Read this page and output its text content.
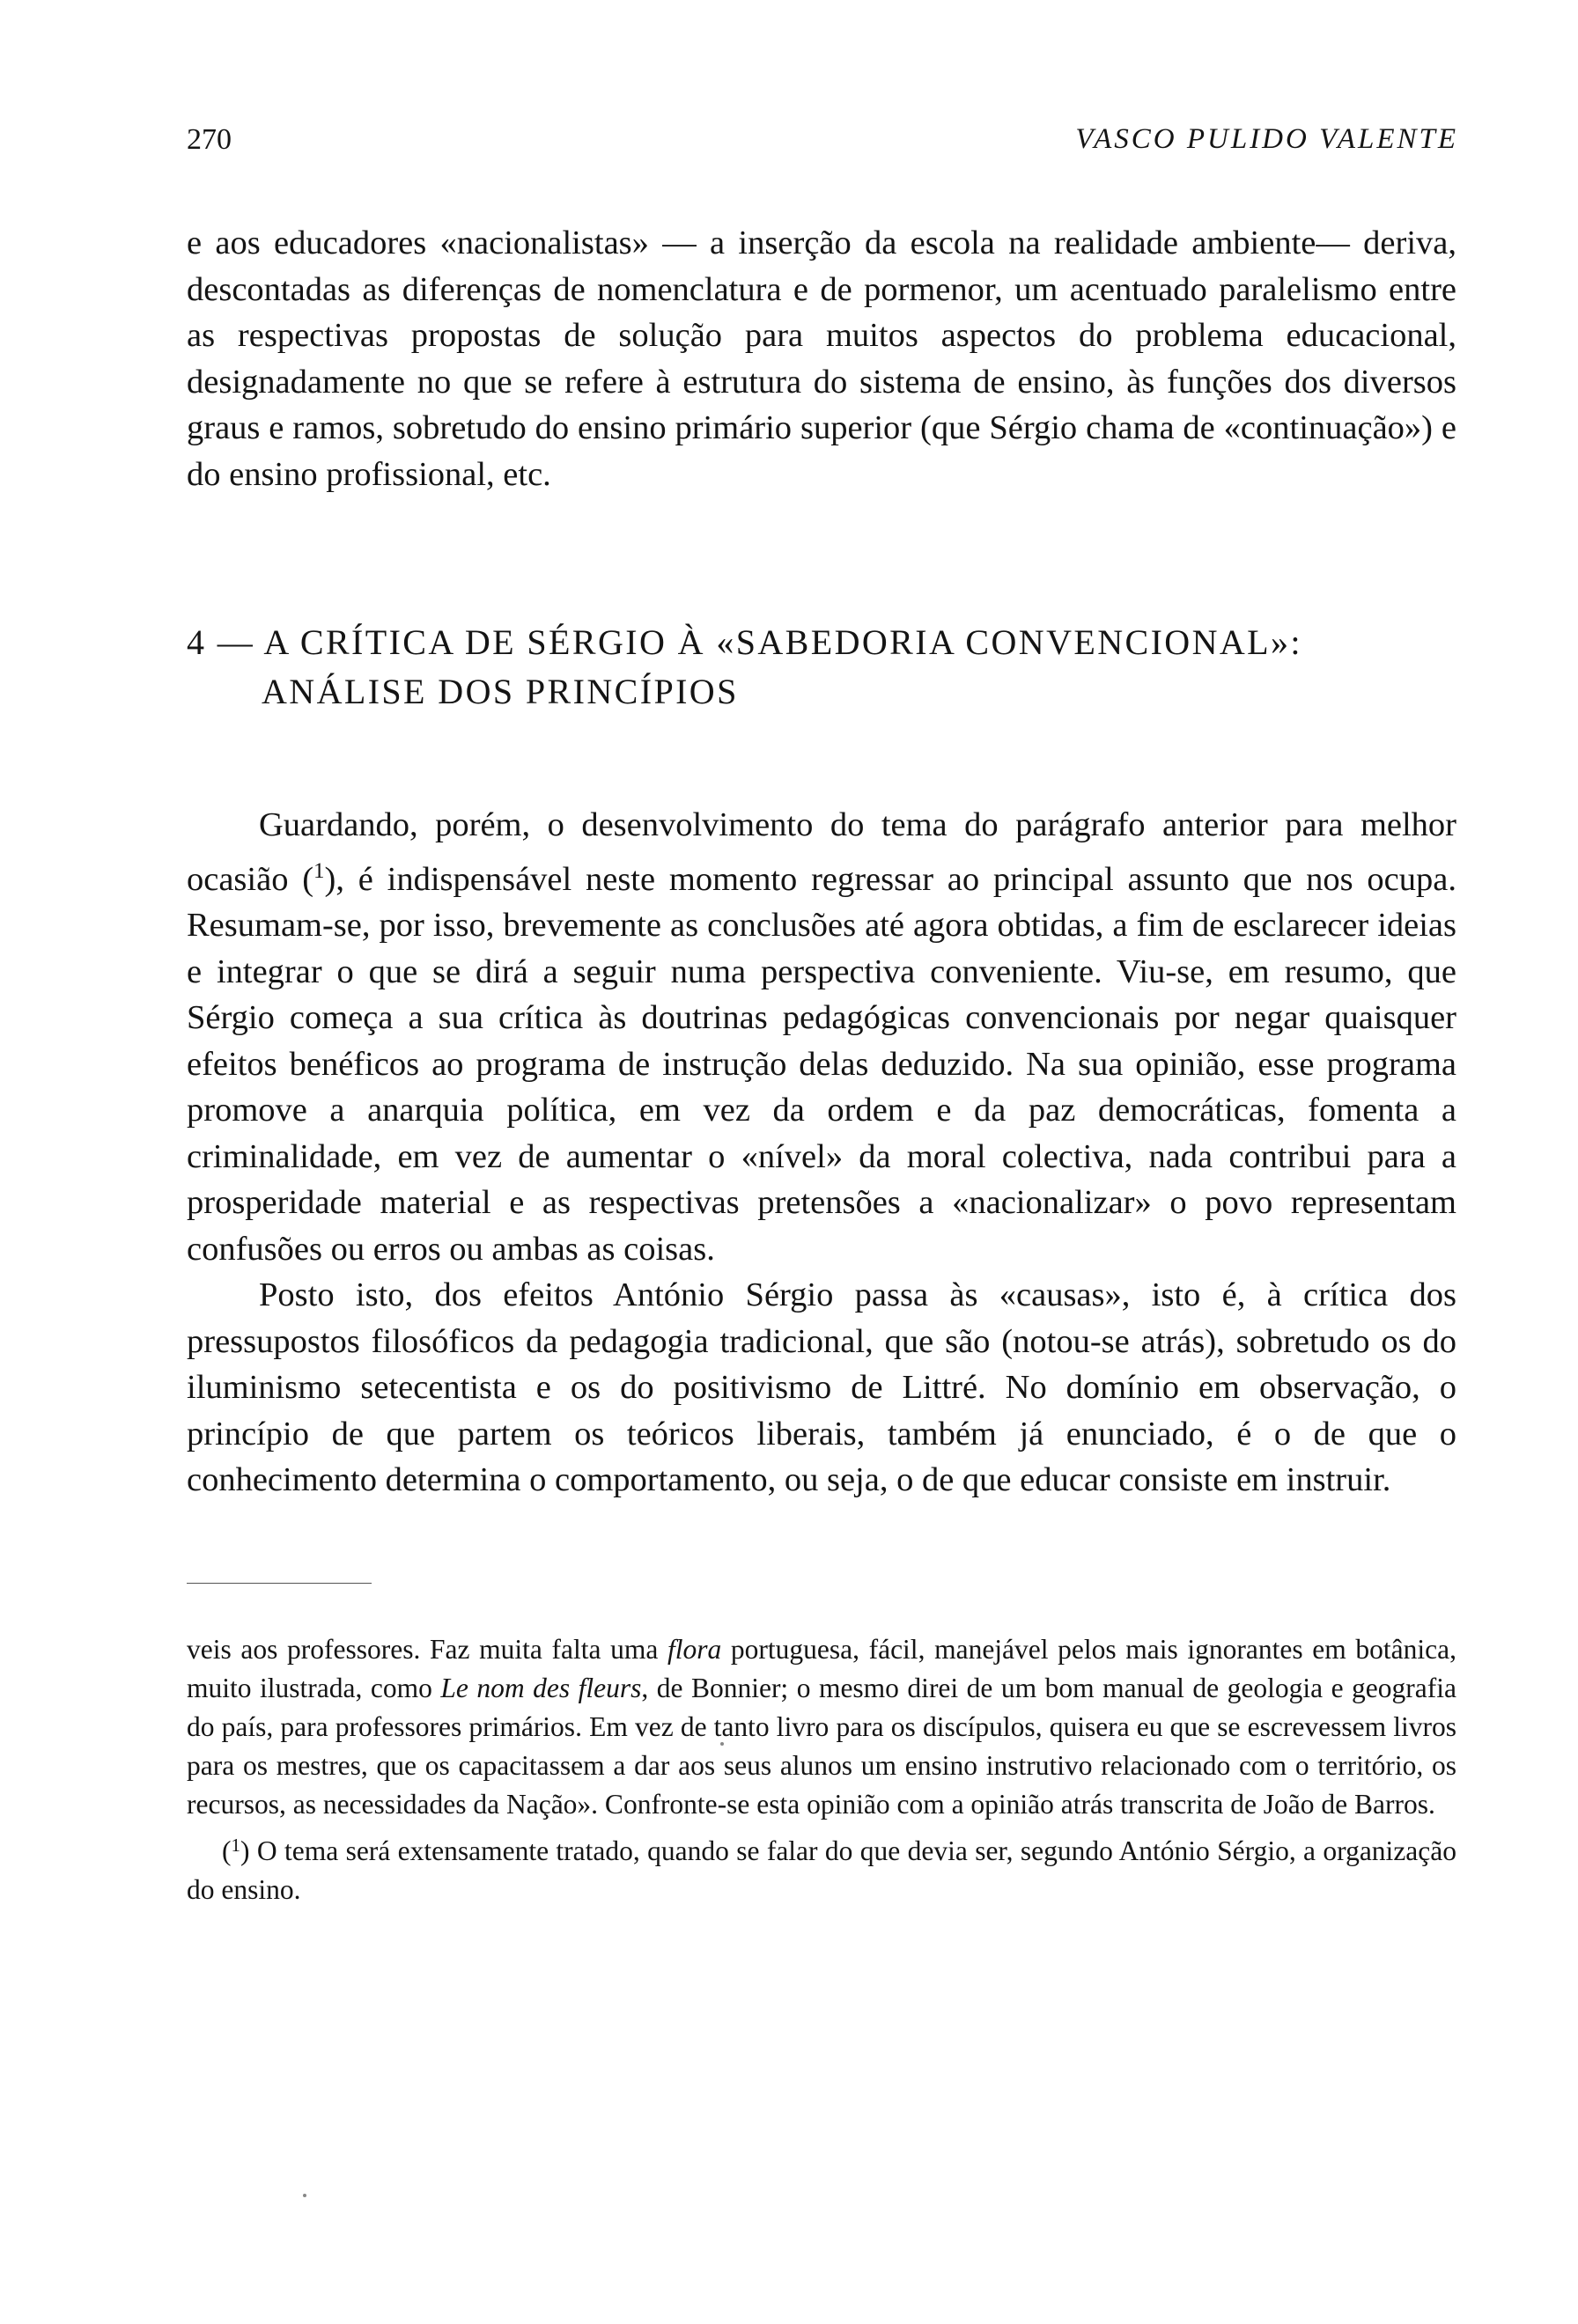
270	VASCO PULIDO VALENTE

e aos educadores «nacionalistas» — a inserção da escola na realidade ambiente— deriva, descontadas as diferenças de nomenclatura e de pormenor, um acentuado paralelismo entre as respectivas propostas de solução para muitos aspectos do problema educacional, designadamente no que se refere à estrutura do sistema de ensino, às funções dos diversos graus e ramos, sobretudo do ensino primário superior (que Sérgio chama de «continuação») e do ensino profissional, etc.

4 — A CRÍTICA DE SÉRGIO À «SABEDORIA CONVENCIONAL»:
ANÁLISE DOS PRINCÍPIOS

Guardando, porém, o desenvolvimento do tema do parágrafo anterior para melhor ocasião ($^1$), é indispensável neste momento regressar ao principal assunto que nos ocupa. Resumam-se, por isso, brevemente as conclusões até agora obtidas, a fim de esclarecer ideias e integrar o que se dirá a seguir numa perspectiva conveniente. Viu-se, em resumo, que Sérgio começa a sua crítica às doutrinas pedagógicas convencionais por negar quaisquer efeitos benéficos ao programa de instrução delas deduzido. Na sua opinião, esse programa promove a anarquia política, em vez da ordem e da paz democráticas, fomenta a criminalidade, em vez de aumentar o «nível» da moral colectiva, nada contribui para a prosperidade material e as respectivas pretensões a «nacionalizar» o povo representam confusões ou erros ou ambas as coisas.

Posto isto, dos efeitos António Sérgio passa às «causas», isto é, à crítica dos pressupostos filosóficos da pedagogia tradicional, que são (notou-se atrás), sobretudo os do iluminismo setecentista e os do positivismo de Littré. No domínio em observação, o princípio de que partem os teóricos liberais, também já enunciado, é o de que o conhecimento determina o comportamento, ou seja, o de que educar consiste em instruir.

veis aos professores. Faz muita falta uma flora portuguesa, fácil, manejável pelos mais ignorantes em botânica, muito ilustrada, como Le nom des fleurs, de Bonnier; o mesmo direi de um bom manual de geologia e geografia do país, para professores primários. Em vez de tanto livro para os discípulos, quisera eu que se escrevessem livros para os mestres, que os capacitassem a dar aos seus alunos um ensino instrutivo relacionado com o território, os recursos, as necessidades da Nação». Confronte-se esta opinião com a opinião atrás transcrita de João de Barros.

($^1$) O tema será extensamente tratado, quando se falar do que devia ser, segundo António Sérgio, a organização do ensino.
